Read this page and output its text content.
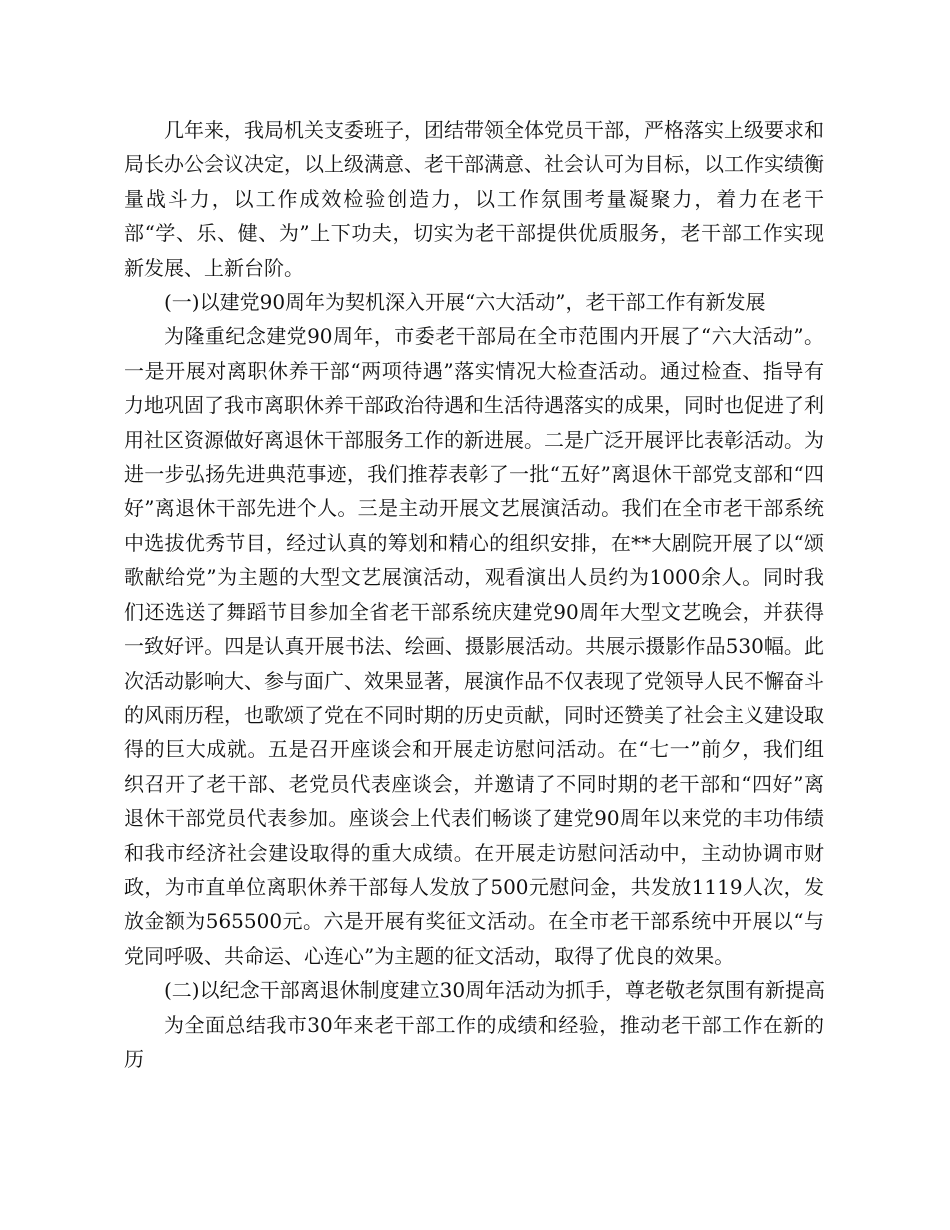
几年来，我局机关支委班子，团结带领全体党员干部，严格落实上级要求和局长办公会议决定，以上级满意、老干部满意、社会认可为目标，以工作实绩衡量战斗力，以工作成效检验创造力，以工作氛围考量凝聚力，着力在老干部“学、乐、健、为”上下功夫，切实为老干部提供优质服务，老干部工作实现新发展、上新台阶。

(一)以建党90周年为契机深入开展“六大活动”，老干部工作有新发展

为隆重纪念建党90周年，市委老干部局在全市范围内开展了“六大活动”。一是开展对离职休养干部“两项待遇”落实情况大检查活动。通过检查、指导有力地巩固了我市离职休养干部政治待遇和生活待遇落实的成果，同时也促进了利用社区资源做好离退休干部服务工作的新进展。二是广泛开展评比表彰活动。为进一步弘扬先进典范事迹，我们推荐表彰了一批“五好”离退休干部党支部和“四好”离退休干部先进个人。三是主动开展文艺展演活动。我们在全市老干部系统中选拔优秀节目，经过认真的筹划和精心的组织安排，在**大剧院开展了以“颂歌献给党”为主题的大型文艺展演活动，观看演出人员约为1000余人。同时我们还选送了舞蹈节目参加全省老干部系统庆建党90周年大型文艺晚会，并获得一致好评。四是认真开展书法、绘画、摄影展活动。共展示摄影作品530幅。此次活动影响大、参与面广、效果显著，展演作品不仅表现了党领导人民不懈奋斗的风雨历程，也歌颂了党在不同时期的历史贡献，同时还赞美了社会主义建设取得的巨大成就。五是召开座谈会和开展走访慰问活动。在“七一”前夕，我们组织召开了老干部、老党员代表座谈会，并邀请了不同时期的老干部和“四好”离退休干部党员代表参加。座谈会上代表们畅谈了建党90周年以来党的丰功伟绩和我市经济社会建设取得的重大成绩。在开展走访慰问活动中，主动协调市财政，为市直单位离职休养干部每人发放了500元慰问金，共发放1119人次，发放金额为565500元。六是开展有奖征文活动。在全市老干部系统中开展以“与党同呼吸、共命运、心连心”为主题的征文活动，取得了优良的效果。

(二)以纪念干部离退休制度建立30周年活动为抓手，尊老敬老氛围有新提高

为全面总结我市30年来老干部工作的成绩和经验，推动老干部工作在新的历
